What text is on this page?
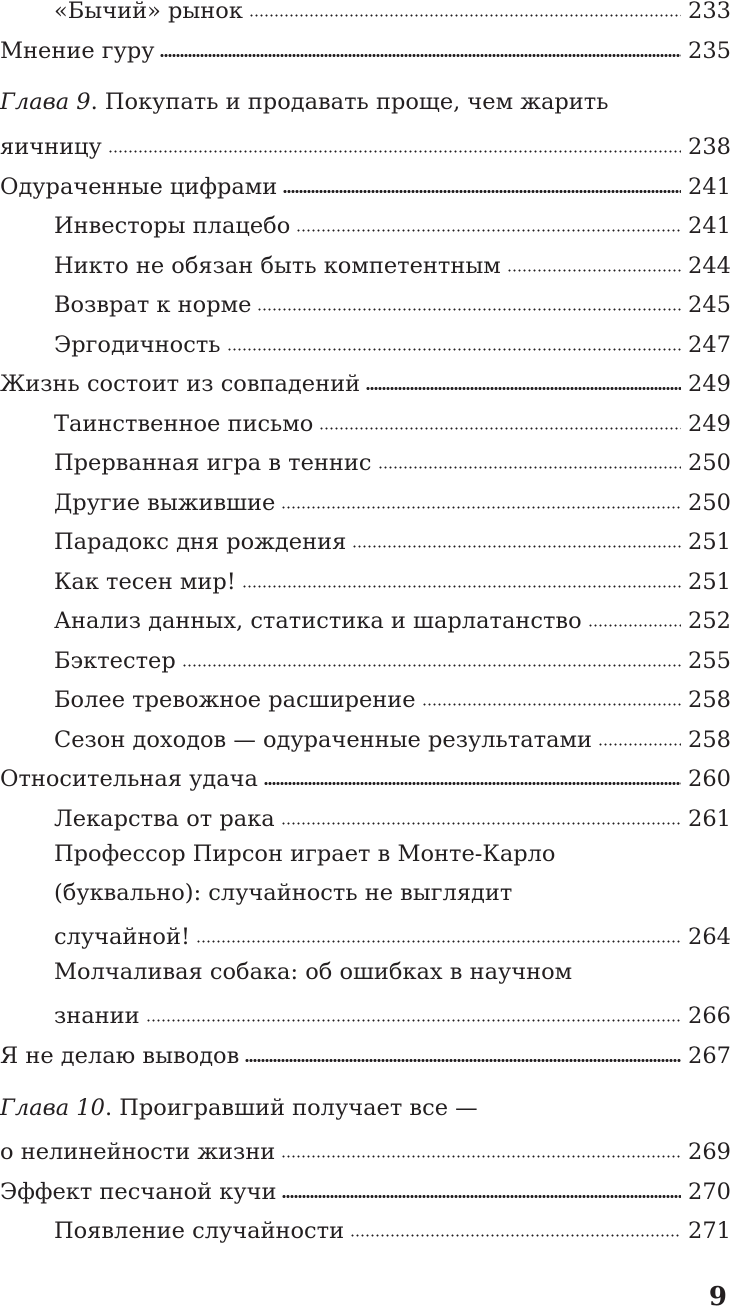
«Бычий» рынок	233
Мнение гуру	235
Глава 9. Покупать и продавать проще, чем жарить
яичницу	238
Одураченные цифрами	241
Инвесторы плацебо	241
Никто не обязан быть компетентным	244
Возврат к норме	245
Эргодичность	247
Жизнь состоит из совпадений	249
Таинственное письмо	249
Прерванная игра в теннис	250
Другие выжившие	250
Парадокс дня рождения	251
Как тесен мир!	251
Анализ данных, статистика и шарлатанство	252
Бэктестер	255
Более тревожное расширение	258
Сезон доходов — одураченные результатами	258
Относительная удача	260
Лекарства от рака	261
Профессор Пирсон играет в Монте-Карло
(буквально): случайность не выглядит
случайной!	264
Молчаливая собака: об ошибках в научном
знании	266
Я не делаю выводов	267
Глава 10. Проигравший получает все —
о нелинейности жизни	269
Эффект песчаной кучи	270
Появление случайности	271
9
